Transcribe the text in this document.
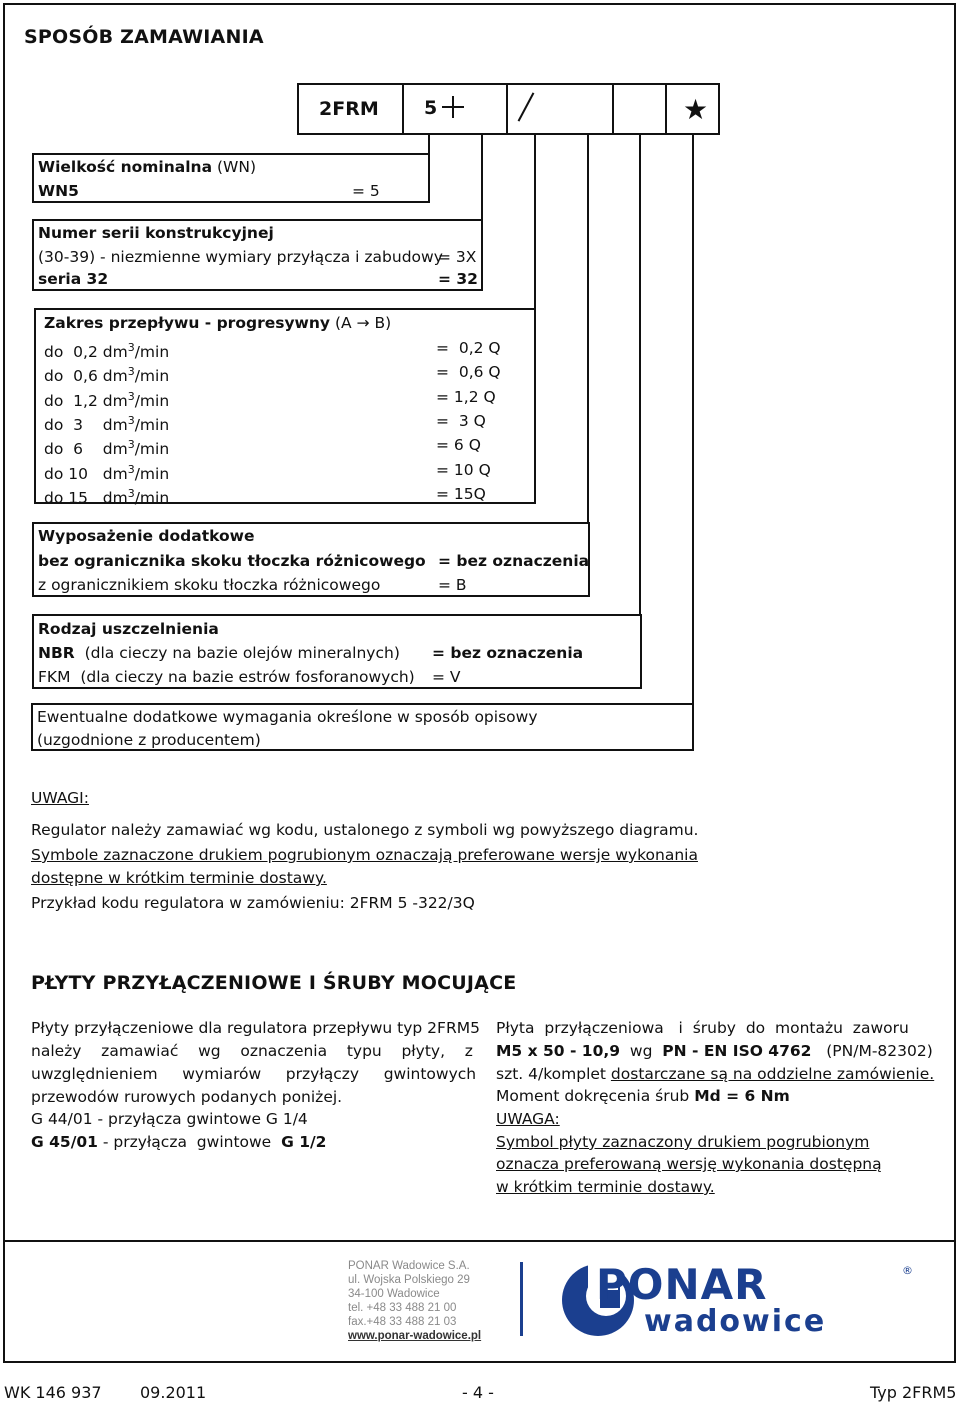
SPOSÓB ZAMAWIANIA
2FRM 5	★
Wielkość nominalna (WN)
WN5	= 5
Numer serii konstrukcyjnej
(30-39) - niezmienne wymiary przyłącza i zabudowy
= 3X
seria 32	= 32
Zakres przepływu - progresywny (A → B)
do  0,2 $dm^3/\min$	=  0,2 Q
do  0,6 $dm^3/\min$	=  0,6 Q
do  1,2 $dm^3/\min$	= 1,2 Q
do  3    $dm^3/\min$	=  3 Q
do  6    $dm^3/\min$	= 6 Q
do 10   $dm^3/\min$	= 10 Q
do 15   $dm^3/\min$	= 15Q
Wyposażenie dodatkowe
bez ogranicznika skoku tłoczka różnicowego = bez oznaczenia
z ogranicznikiem skoku tłoczka różnicowego	= B
Rodzaj uszczelnienia
NBR (dla cieczy na bazie olejów mineralnych) = bez oznaczenia
FKM (dla cieczy na bazie estrów fosforanowych) = V
Ewentualne dodatkowe wymagania określone w sposób opisowy
(uzgodnione z producentem)
UWAGI:
Regulator należy zamawiać wg kodu, ustalonego z symboli wg powyższego diagramu.
Symbole zaznaczone drukiem pogrubionym oznaczają preferowane wersje wykonania
dostępne w krótkim terminie dostawy.
Przykład kodu regulatora w zamówieniu: 2FRM 5 -322/3Q
PŁYTY PRZYŁĄCZENIOWE I ŚRUBY MOCUJĄCE
Płyty przyłączeniowe dla regulatora przepływu typ 2FRM5
należy    zamawiać    wg    oznaczenia    typu    płyty,    z
uwzględnieniem     wymiarów     przyłączy     gwintowych
przewodów rurowych podanych poniżej.
G 44/01 - przyłącza gwintowe G 1/4
G 45/01 - przyłącza  gwintowe  G 1/2
Płyta  przyłączeniowa   i  śruby  do  montażu  zaworu
M5 x 50 - 10,9  wg  PN - EN ISO 4762   (PN/M-82302)
szt. 4/komplet dostarczane są na oddzielne zamówienie.
Moment dokręcenia śrub Md = 6 Nm
UWAGA:
Symbol płyty zaznaczony drukiem pogrubionym
oznacza preferowaną wersję wykonania dostępną
w krótkim terminie dostawy.
PONAR Wadowice S.A.
ul. Wojska Polskiego 29
34-100 Wadowice
tel. +48 33 488 21 00
fax.+48 33 488 21 03
www.ponar-wadowice.pl
PONAR
wadowice
®
WK 146 937 09.2011	- 4 -	Typ 2FRM5
